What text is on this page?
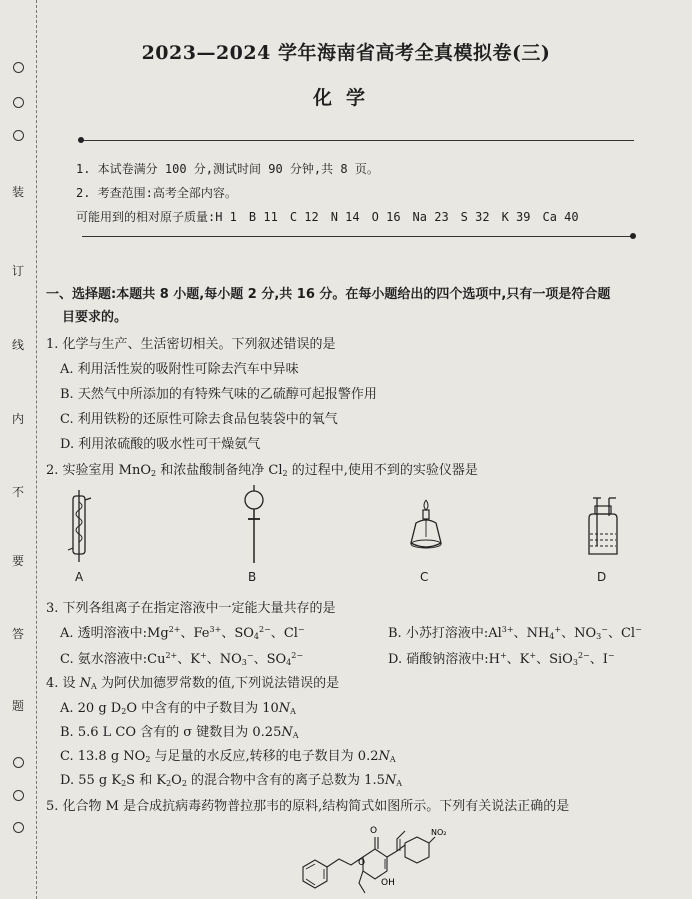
装
订
线
内
不
要
答
题
2023—2024 学年海南省高考全真模拟卷(三)
化学
1. 本试卷满分 100 分,测试时间 90 分钟,共 8 页。
2. 考查范围:高考全部内容。
可能用到的相对原子质量:H 1 B 11 C 12 N 14 O 16 Na 23 S 32 K 39 Ca 40
一、选择题:本题共 8 小题,每小题 2 分,共 16 分。在每小题给出的四个选项中,只有一项是符合题
目要求的。
1. 化学与生产、生活密切相关。下列叙述错误的是
A. 利用活性炭的吸附性可除去汽车中异味
B. 天然气中所添加的有特殊气味的乙硫醇可起报警作用
C. 利用铁粉的还原性可除去食品包装袋中的氧气
D. 利用浓硫酸的吸水性可干燥氨气
2. 实验室用 MnO$_2$ 和浓盐酸制备纯净 $Cl_2$ 的过程中,使用不到的实验仪器是
A	B	C	D
3. 下列各组离子在指定溶液中一定能大量共存的是
A. 透明溶液中$:Mg^{2+}$、$Fe^{3+}$、$SO_4^{2-}$、Cl−	B. 小苏打溶液中$:Al^{3+}$、$NH_4^+$、$NO_3^-$、Cl−
C. 氨水溶液中$:Cu^{2+}$、K+、$NO_3^-$、$SO_4^{2-}$	D. 硝酸钠溶液中:H+、K+、SiO$_3^{2-}$、I−
4. 设 $N_A$ 为阿伏加德罗常数的值,下列说法错误的是
A. 20 g $D_2O$ 中含有的中子数目为 $10N_A$
B. 5.6 L CO 含有的 σ 键数目为 $0.25N_A$
C. 13.8 g $NO_2$ 与足量的水反应,转移的电子数目为 $0.2N_A$
D. 55 g $K_2S$ 和 $K_2O_2$ 的混合物中含有的离子总数为 $1.5N_A$
5. 化合物 M 是合成抗病毒药物普拉那韦的原料,结构简式如图所示。下列有关说法正确的是
O
O
OH
NO₂
